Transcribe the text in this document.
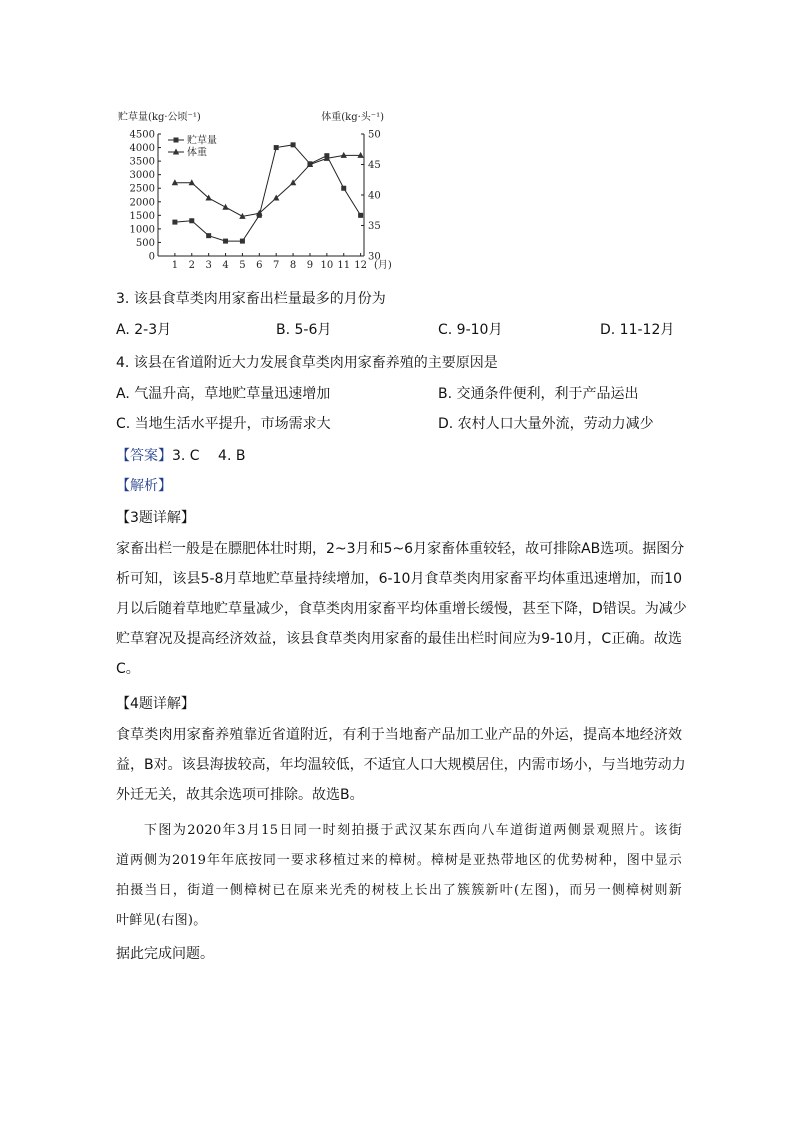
0
500
1000
1500
2000
2500
3000
3500
4000
4500
30
35
40
45
50
1 2 3 4 5 6 7 8 9 10 11 12 (月)
贮草量(kg·公顷⁻¹)	体重(kg·头⁻¹)
贮草量
体重
3. 该县食草类肉用家畜出栏量最多的月份为
A. 2-3月	B. 5-6月	C. 9-10月	D. 11-12月
4. 该县在省道附近大力发展食草类肉用家畜养殖的主要原因是
A. 气温升高，草地贮草量迅速增加	B. 交通条件便利，利于产品运出
C. 当地生活水平提升，市场需求大	D. 农村人口大量外流，劳动力减少
【答案】3. C　 4. B
【解析】
【3题详解】
家畜出栏一般是在膘肥体壮时期，2~3月和5~6月家畜体重较轻，故可排除AB选项。据图分
析可知，该县5-8月草地贮草量持续增加，6-10月食草类肉用家畜平均体重迅速增加，而10
月以后随着草地贮草量减少，食草类肉用家畜平均体重增长缓慢，甚至下降，D错误。为减少
贮草窘况及提高经济效益，该县食草类肉用家畜的最佳出栏时间应为9-10月，C正确。故选
C。
【4题详解】
食草类肉用家畜养殖靠近省道附近，有利于当地畜产品加工业产品的外运，提高本地经济效
益，B对。该县海拔较高，年均温较低，不适宜人口大规模居住，内需市场小，与当地劳动力
外迁无关，故其余选项可排除。故选B。
下图为2020年3月15日同一时刻拍摄于武汉某东西向八车道街道两侧景观照片。该街
道两侧为2019年年底按同一要求移植过来的樟树。樟树是亚热带地区的优势树种，图中显示
拍摄当日，街道一侧樟树已在原来光秃的树枝上长出了簇簇新叶(左图)，而另一侧樟树则新
叶鲜见(右图)。
据此完成问题。
